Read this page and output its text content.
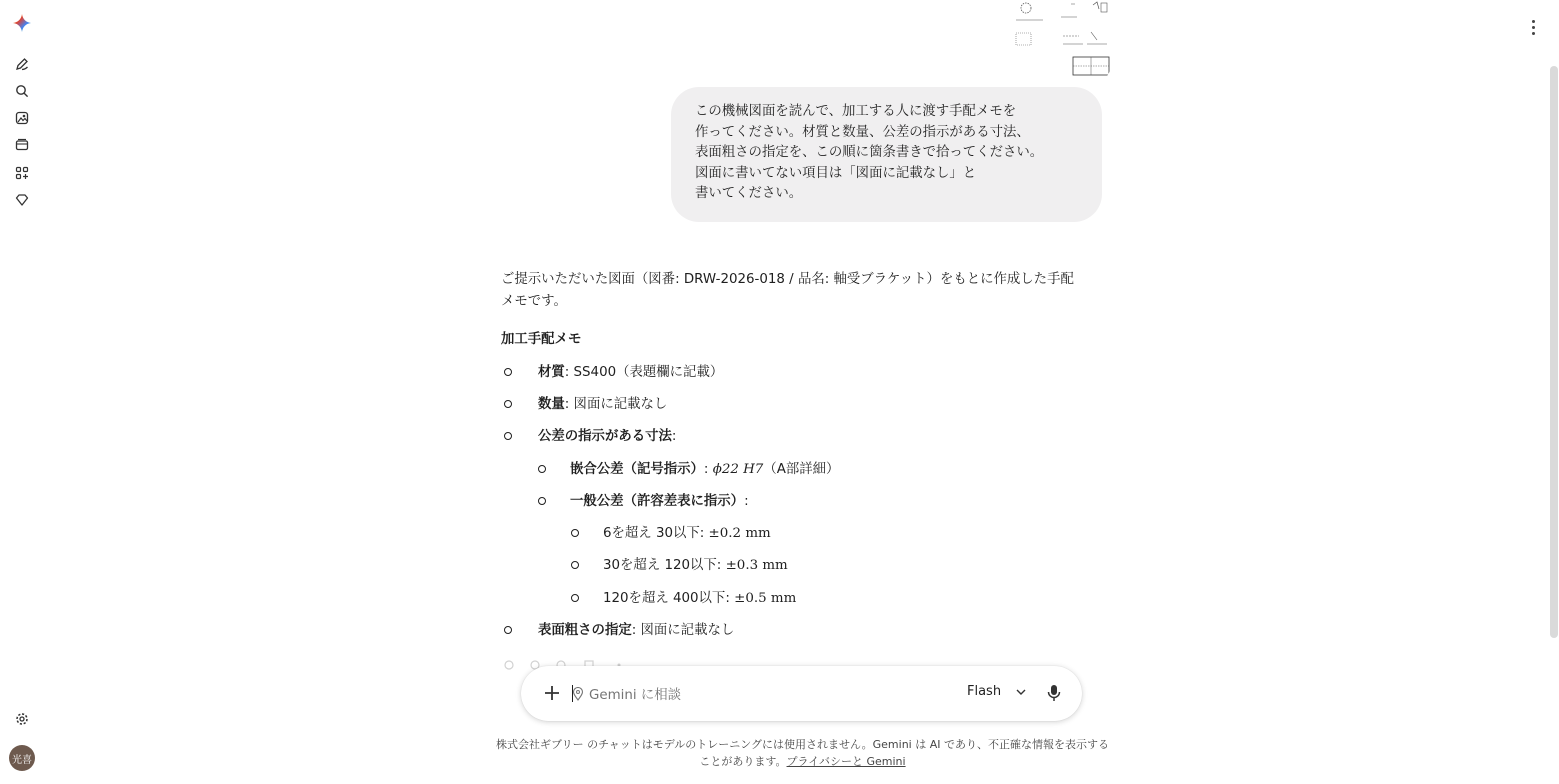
光喜
この機械図面を読んで、加工する人に渡す手配メモを
作ってください。材質と数量、公差の指示がある寸法、
表面粗さの指定を、この順に箇条書きで拾ってください。
図面に書いてない項目は「図面に記載なし」と
書いてください。

ご提示いただいた図面（図番: DRW-2026-018 / 品名: 軸受ブラケット）をもとに作成した手配メモです。

加工手配メモ

材質: SS400（表題欄に記載）
数量: 図面に記載なし
公差の指示がある寸法:
嵌合公差（記号指示）: ϕ22 H7（A部詳細）
一般公差（許容差表に指示）:
6を超え 30以下: ±0.2 mm
30を超え 120以下: ±0.3 mm
120を超え 400以下: ±0.5 mm
表面粗さの指定: 図面に記載なし
Gemini に相談	Flash
株式会社ギブリー のチャットはモデルのトレーニングには使用されません。Gemini は AI であり、不正確な情報を表示する
ことがあります。プライバシーと Gemini
